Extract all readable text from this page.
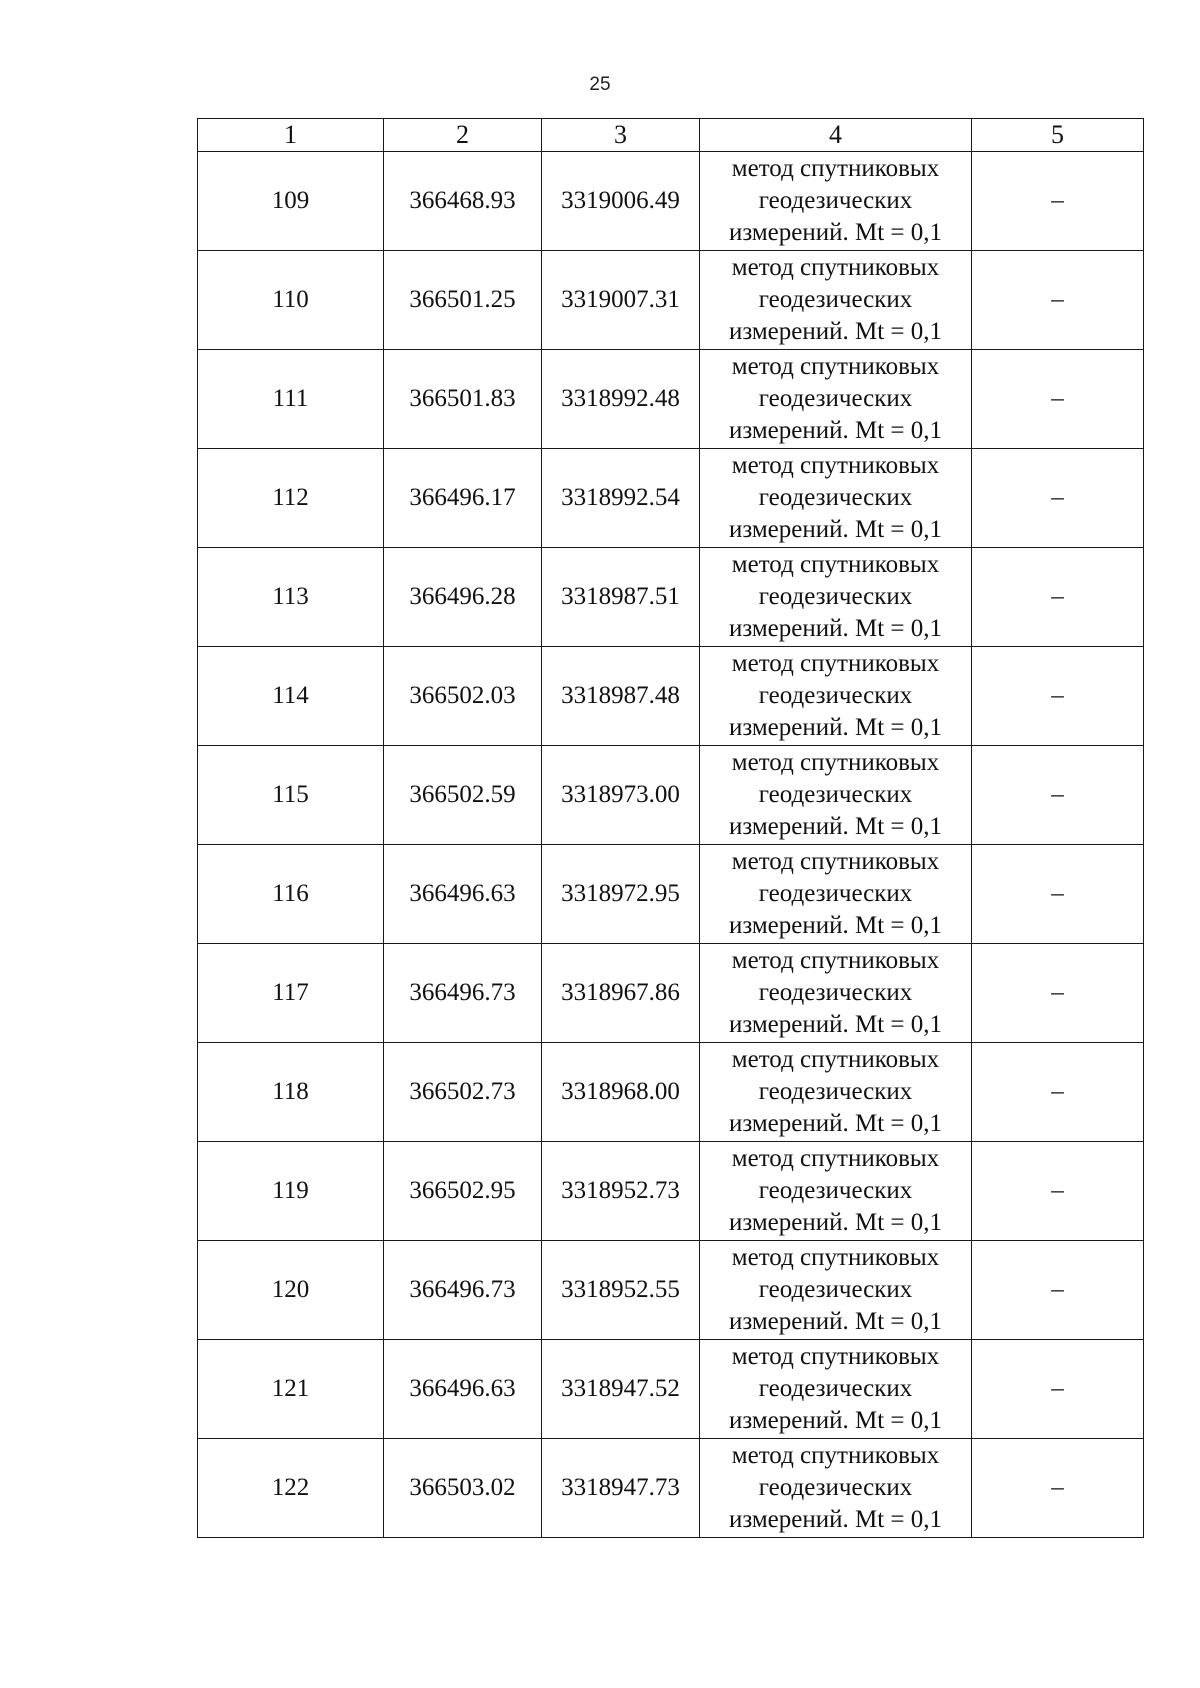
25
1	2	3	4	5
109	366468.93	3319006.49	метод спутниковых
геодезических
измерений. Mt = 0,1	–
110	366501.25	3319007.31	метод спутниковых
геодезических
измерений. Mt = 0,1	–
111	366501.83	3318992.48	метод спутниковых
геодезических
измерений. Mt = 0,1	–
112	366496.17	3318992.54	метод спутниковых
геодезических
измерений. Mt = 0,1	–
113	366496.28	3318987.51	метод спутниковых
геодезических
измерений. Mt = 0,1	–
114	366502.03	3318987.48	метод спутниковых
геодезических
измерений. Mt = 0,1	–
115	366502.59	3318973.00	метод спутниковых
геодезических
измерений. Mt = 0,1	–
116	366496.63	3318972.95	метод спутниковых
геодезических
измерений. Mt = 0,1	–
117	366496.73	3318967.86	метод спутниковых
геодезических
измерений. Mt = 0,1	–
118	366502.73	3318968.00	метод спутниковых
геодезических
измерений. Mt = 0,1	–
119	366502.95	3318952.73	метод спутниковых
геодезических
измерений. Mt = 0,1	–
120	366496.73	3318952.55	метод спутниковых
геодезических
измерений. Mt = 0,1	–
121	366496.63	3318947.52	метод спутниковых
геодезических
измерений. Mt = 0,1	–
122	366503.02	3318947.73	метод спутниковых
геодезических
измерений. Mt = 0,1	–
